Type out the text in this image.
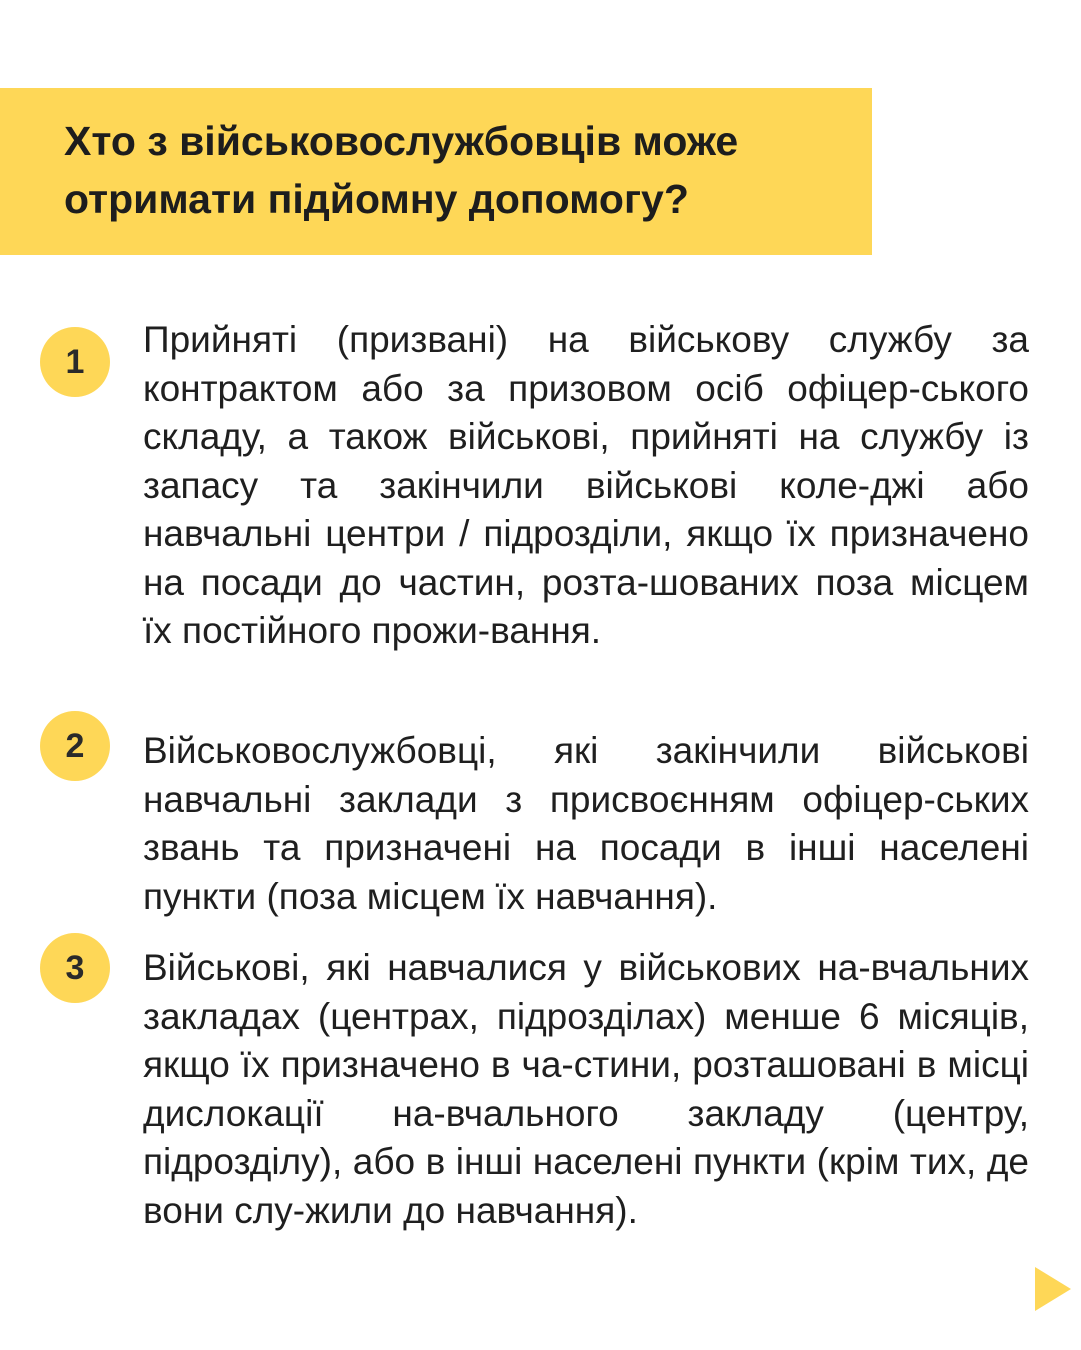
Хто з військовослужбовців може отримати підйомну допомогу?
1

Прийняті (призвані) на військову службу за контрактом або за призовом осіб офіцер-ського складу, а також військові, прийняті на службу із запасу та закінчили військові коле-джі або навчальні центри / підрозділи, якщо їх призначено на посади до частин, розта-шованих поза місцем їх постійного прожи-вання.

2	Військовослужбовці, які закінчили військові навчальні заклади з присвоєнням офіцер-ських звань та призначені на посади в інші населені пункти (поза місцем їх навчання).

3	Військові, які навчалися у військових на-вчальних закладах (центрах, підрозділах) менше 6 місяців, якщо їх призначено в ча-стини, розташовані в місці дислокації на-вчального закладу (центру, підрозділу), або в інші населені пункти (крім тих, де вони слу-жили до навчання).
